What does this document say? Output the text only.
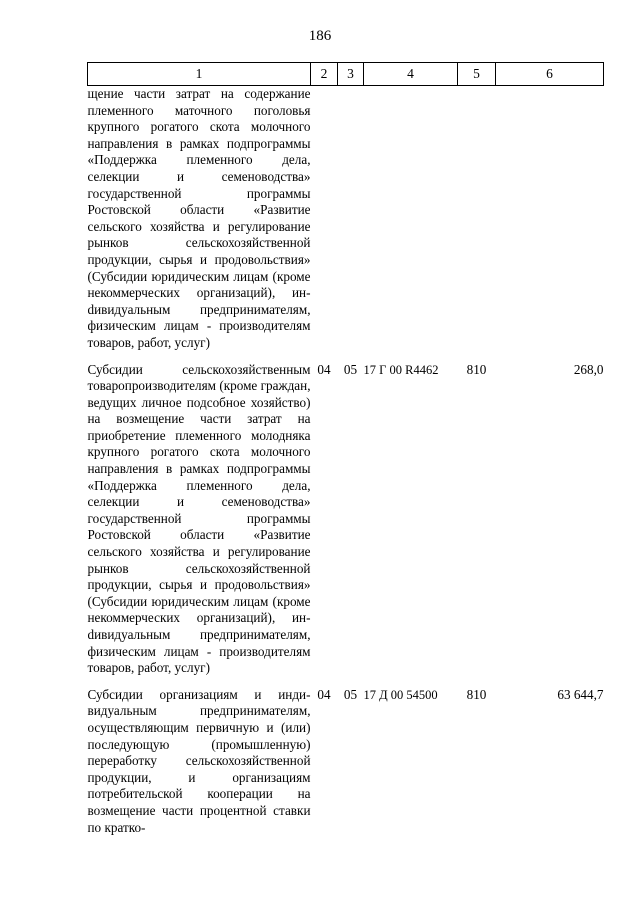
186
1	2	3	4	5	6
щение части затрат на содержание племенного маточного поголовья крупного рогатого скота молочного направления в рамках подпрограммы «Поддержка племенного дела, селекции и семеноводства» государственной программы Ростовской области «Развитие сельского хозяйства и регулирование рынков сельскохозяйственной продукции, сырья и продовольствия» (Субсидии юридическим лицам (кроме некоммерческих организаций), инdивидуальным предпринимателям, физическим лицам - производителям товаров, работ, услуг)					

Субсидии сельскохозяйственным товаропроизводителям (кроме граждан, ведущих личное подсобное хозяйство) на возмещение части затрат на приобретение племенного молодняка крупного рогатого скота молочного направления в рамках подпрограммы «Поддержка племенного дела, селекции и семеноводства» государственной программы Ростовской области «Развитие сельского хозяйства и регулирование рынков сельскохозяйственной продукции, сырья и продовольствия» (Субсидии юридическим лицам (кроме некоммерческих организаций), инdивидуальным предпринимателям, физическим лицам - производителям товаров, работ, услуг)	04	05	17 Г 00 R4462	810	268,0

Субсидии организациям и индивидуальным предпринимателям, осуществляющим первичную и (или) последующую (промышленную) переработку сельскохозяйственной продукции, и организациям потребительской кооперации на возмещение части процентной ставки по кратко-	04	05	17 Д 00 54500	810	63 644,7
